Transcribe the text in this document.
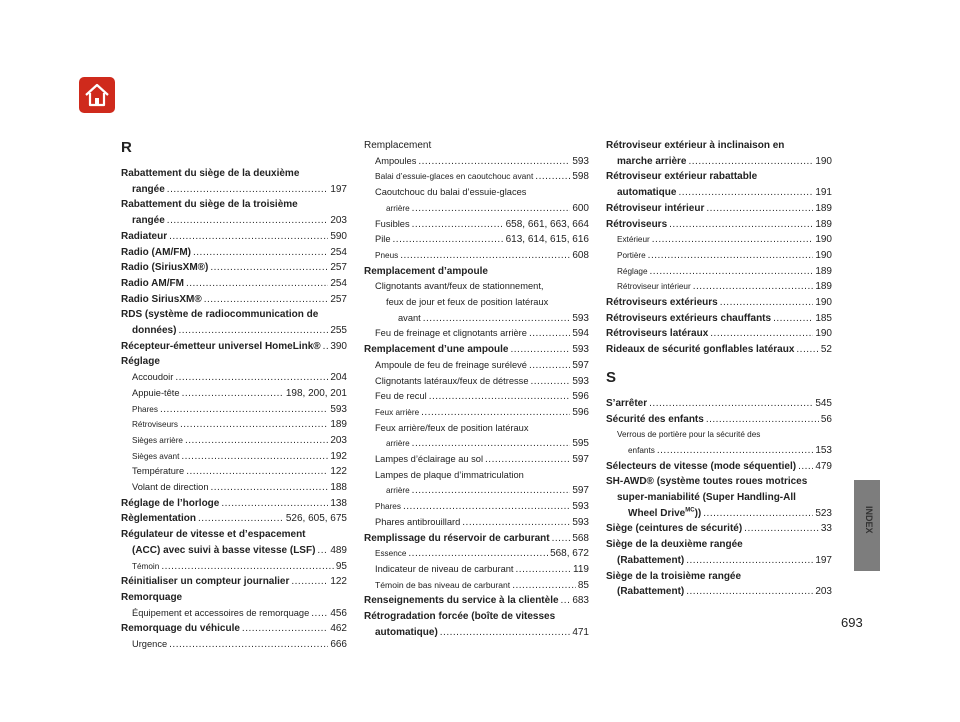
R
Rabattement du siège de la deuxième
rangée .....	197
Rabattement du siège de la troisième
rangée .....	203
Radiateur .....	590
Radio (AM/FM) .....	254
Radio (SiriusXM®) .....	257
Radio AM/FM .....	254
Radio SiriusXM® .....	257
RDS (système de radiocommunication de
données) .....	255
Récepteur-émetteur universel HomeLink® ..... 390
Réglage
Accoudoir .....	204
Appuie-tête .....	198, 200, 201
Phares .....	593
Rétroviseurs .....	189
Sièges arrière .....	203
Sièges avant .....	192
Température .....	122
Volant de direction .....	188
Réglage de l’horloge .....	138
Règlementation .....	526, 605, 675
Régulateur de vitesse et d’espacement
(ACC) avec suivi à basse vitesse (LSF) ..... 489
Témoin .....	95
Réinitialiser un compteur journalier .....	122
Remorquage
Équipement et accessoires de remorquage ..... 456
Remorquage du véhicule .....	462
Urgence .....	666
Remplacement
Ampoules .....	593
Balai d’essuie-glaces en caoutchouc avant .....	598
Caoutchouc du balai d’essuie-glaces
arrière .....	600
Fusibles .....	658, 661, 663, 664
Pile .....	613, 614, 615, 616
Pneus .....	608
Remplacement d’ampoule
Clignotants avant/feux de stationnement,
feux de jour et feux de position latéraux
avant .....	593
Feu de freinage et clignotants arrière .....	594
Remplacement d’une ampoule .....	593
Ampoule de feu de freinage surélevé .....	597
Clignotants latéraux/feux de détresse .....	593
Feu de recul .....	596
Feux arrière .....	596
Feux arrière/feux de position latéraux
arrière .....	595
Lampes d’éclairage au sol .....	597
Lampes de plaque d’immatriculation
arrière .....	597
Phares .....	593
Phares antibrouillard .....	593
Remplissage du réservoir de carburant ..... 568
Essence .....	568, 672
Indicateur de niveau de carburant .....	119
Témoin de bas niveau de carburant .....	85
Renseignements du service à la clientèle ..... 683
Rétrogradation forcée (boîte de vitesses
automatique) .....	471
Rétroviseur extérieur à inclinaison en
marche arrière .....	190
Rétroviseur extérieur rabattable
automatique .....	191
Rétroviseur intérieur .....	189
Rétroviseurs .....	189
Extérieur .....	190
Portière .....	190
Réglage .....	189
Rétroviseur intérieur .....	189
Rétroviseurs extérieurs .....	190
Rétroviseurs extérieurs chauffants .....	185
Rétroviseurs latéraux .....	190
Rideaux de sécurité gonflables latéraux .....	52
S
S’arrêter .....	545
Sécurité des enfants .....	56
Verrous de portière pour la sécurité des
enfants .....	153
Sélecteurs de vitesse (mode séquentiel) ..... 479
SH-AWD® (système toutes roues motrices
super-maniabilité (Super Handling-All
Wheel Drive$^{MC}$)) .....	523
Siège (ceintures de sécurité) .....	33
Siège de la deuxième rangée
(Rabattement) .....	197
Siège de la troisième rangée
(Rabattement) .....	203
INDEX
693
